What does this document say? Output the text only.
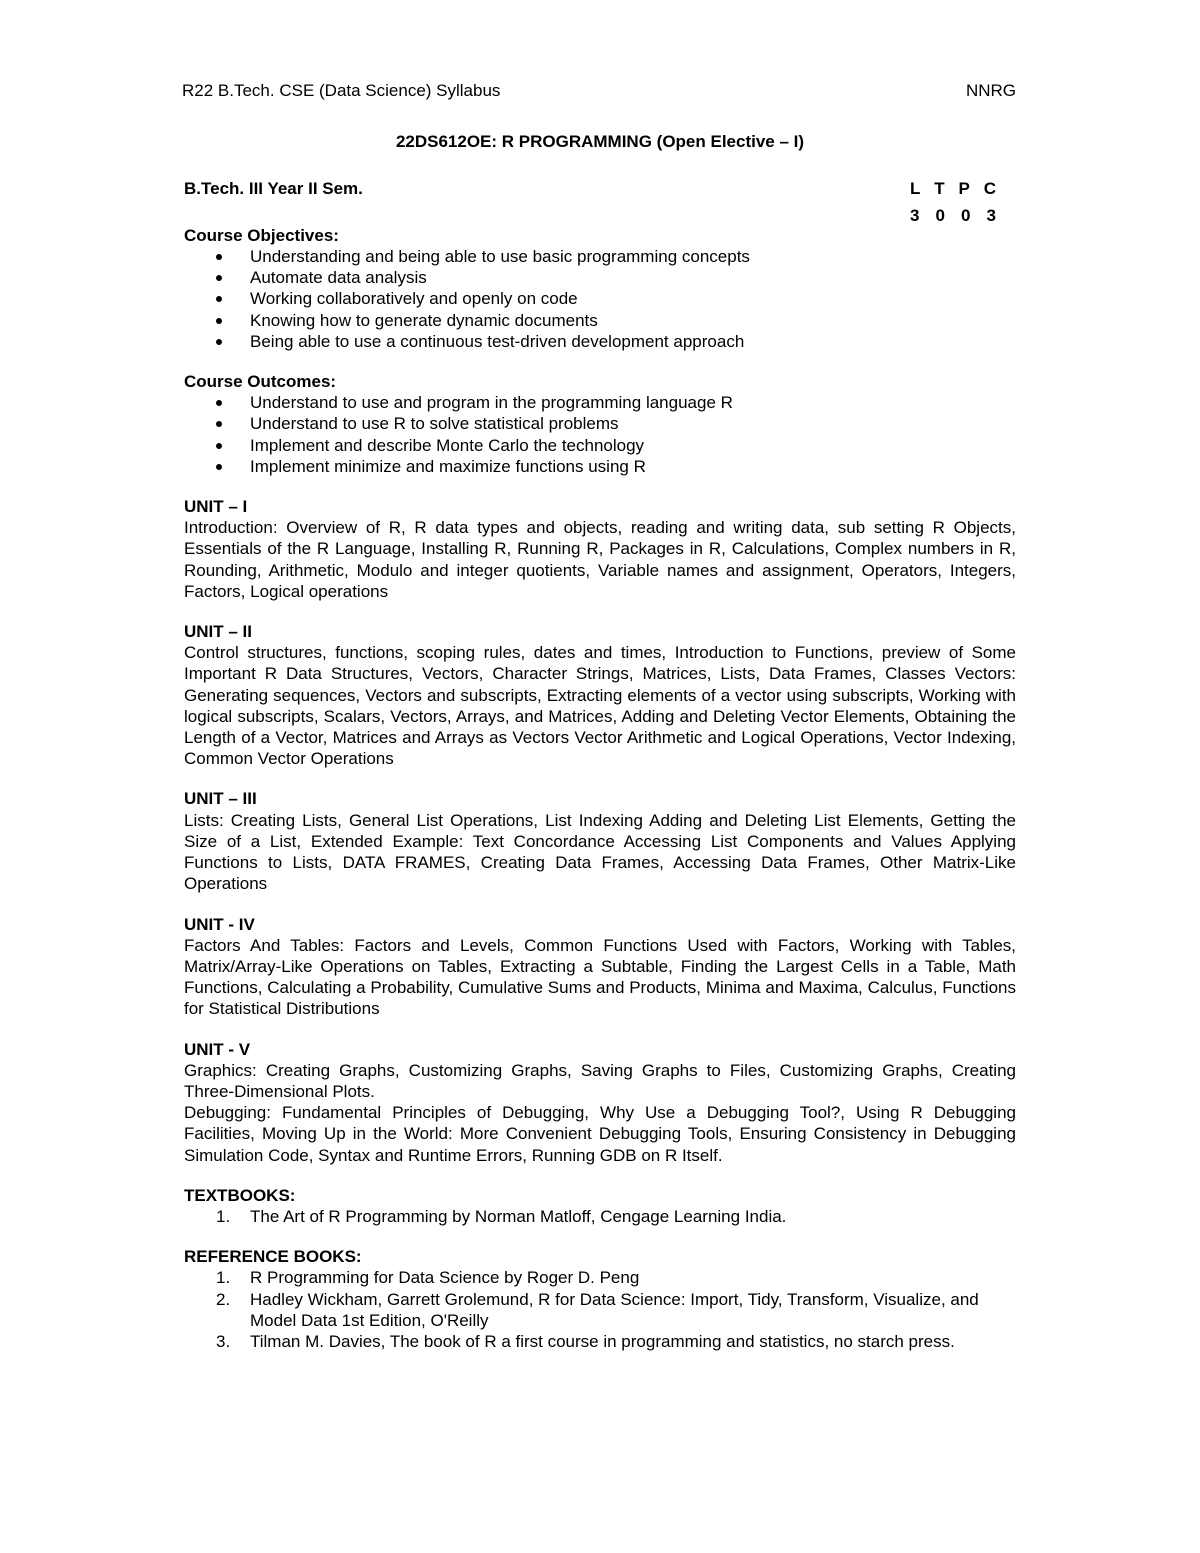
R22 B.Tech. CSE (Data Science) Syllabus	NNRG
22DS612OE: R PROGRAMMING (Open Elective – I)
B.Tech. III Year II Sem.	L T P C
3 0 0 3
Course Objectives:
Understanding and being able to use basic programming concepts
Automate data analysis
Working collaboratively and openly on code
Knowing how to generate dynamic documents
Being able to use a continuous test-driven development approach
Course Outcomes:
Understand to use and program in the programming language R
Understand to use R to solve statistical problems
Implement and describe Monte Carlo the technology
Implement minimize and maximize functions using R
UNIT – I
Introduction: Overview of R, R data types and objects, reading and writing data, sub setting R Objects, Essentials of the R Language, Installing R, Running R, Packages in R, Calculations, Complex numbers in R, Rounding, Arithmetic, Modulo and integer quotients, Variable names and assignment, Operators, Integers, Factors, Logical operations
UNIT – II
Control structures, functions, scoping rules, dates and times, Introduction to Functions, preview of Some Important R Data Structures, Vectors, Character Strings, Matrices, Lists, Data Frames, Classes Vectors: Generating sequences, Vectors and subscripts, Extracting elements of a vector using subscripts, Working with logical subscripts, Scalars, Vectors, Arrays, and Matrices, Adding and Deleting Vector Elements, Obtaining the Length of a Vector, Matrices and Arrays as Vectors Vector Arithmetic and Logical Operations, Vector Indexing, Common Vector Operations
UNIT – III
Lists: Creating Lists, General List Operations, List Indexing Adding and Deleting List Elements, Getting the Size of a List, Extended Example: Text Concordance Accessing List Components and Values Applying Functions to Lists, DATA FRAMES, Creating Data Frames, Accessing Data Frames, Other Matrix-Like Operations
UNIT - IV
Factors And Tables: Factors and Levels, Common Functions Used with Factors, Working with Tables, Matrix/Array-Like Operations on Tables, Extracting a Subtable, Finding the Largest Cells in a Table, Math Functions, Calculating a Probability, Cumulative Sums and Products, Minima and Maxima, Calculus, Functions for Statistical Distributions
UNIT - V
Graphics: Creating Graphs, Customizing Graphs, Saving Graphs to Files, Customizing Graphs, Creating Three-Dimensional Plots.
Debugging: Fundamental Principles of Debugging, Why Use a Debugging Tool?, Using R Debugging Facilities, Moving Up in the World: More Convenient Debugging Tools, Ensuring Consistency in Debugging Simulation Code, Syntax and Runtime Errors, Running GDB on R Itself.
TEXTBOOKS:
1. The Art of R Programming by Norman Matloff, Cengage Learning India.
REFERENCE BOOKS:
1. R Programming for Data Science by Roger D. Peng
2. Hadley Wickham, Garrett Grolemund, R for Data Science: Import, Tidy, Transform, Visualize, and Model Data 1st Edition, O'Reilly
3. Tilman M. Davies, The book of R a first course in programming and statistics, no starch press.
